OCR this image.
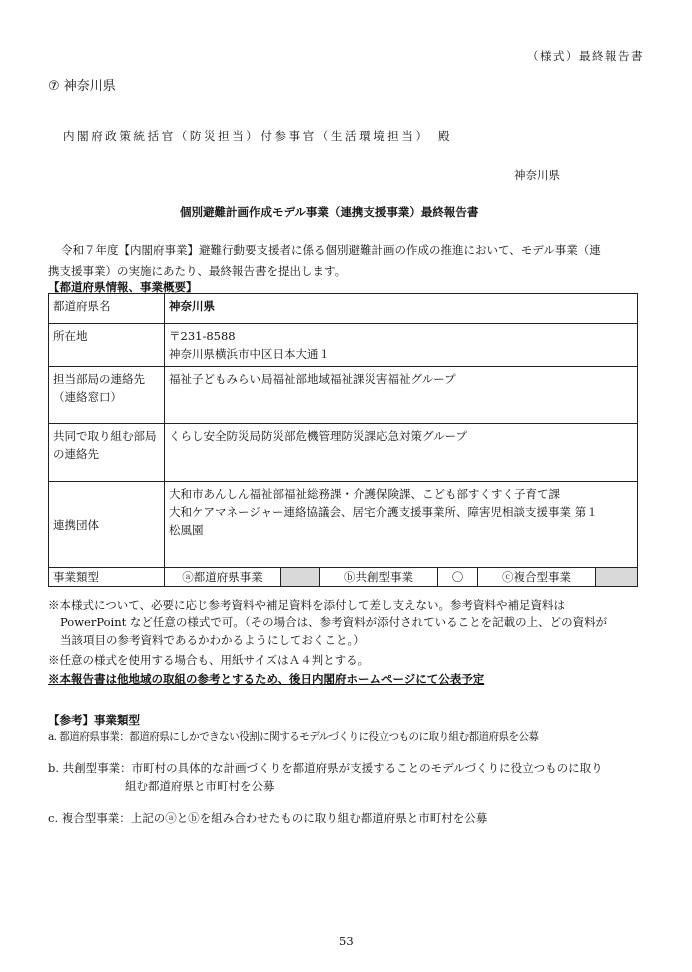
（様式）最終報告書
⑦ 神奈川県
内閣府政策統括官（防災担当）付参事官（生活環境担当）　殿
神奈川県
個別避難計画作成モデル事業（連携支援事業）最終報告書
令和７年度【内閣府事業】避難行動要支援者に係る個別避難計画の作成の推進において、モデル事業（連
携支援事業）の実施にあたり、最終報告書を提出します。
【都道府県情報、事業概要】
都道府県名	神奈川県
所在地	〒231-8588
神奈川県横浜市中区日本大通１

担当部局の連絡先
（連絡窓口）	福祉子どもみらい局福祉部地域福祉課災害福祉グループ

共同で取り組む部局
の連絡先	くらし安全防災局防災部危機管理防災課応急対策グループ
連携団体	大和市あんしん福祉部福祉総務課・介護保険課、こども部すくすく子育て課
大和ケアマネージャー連絡協議会、居宅介護支援事業所、障害児相談支援事業 第１
松風園

事業類型	ⓐ都道府県事業 ⓑ共創型事業 〇 ⓒ複合型事業
※本様式について、必要に応じ参考資料や補足資料を添付して差し支えない。参考資料や補足資料は
PowerPoint など任意の様式で可。（その場合は、参考資料が添付されていることを記載の上、どの資料が
当該項目の参考資料であるかわかるようにしておくこと。）
※任意の様式を使用する場合も、用紙サイズはＡ４判とする。
※本報告書は他地域の取組の参考とするため、後日内閣府ホームページにて公表予定
【参考】事業類型
a. 都道府県事業：都道府県にしかできない役割に関するモデルづくりに役立つものに取り組む都道府県を公募
b. 共創型事業：市町村の具体的な計画づくりを都道府県が支援することのモデルづくりに役立つものに取り
組む都道府県と市町村を公募
c. 複合型事業：上記のⓐとⓑを組み合わせたものに取り組む都道府県と市町村を公募
53
